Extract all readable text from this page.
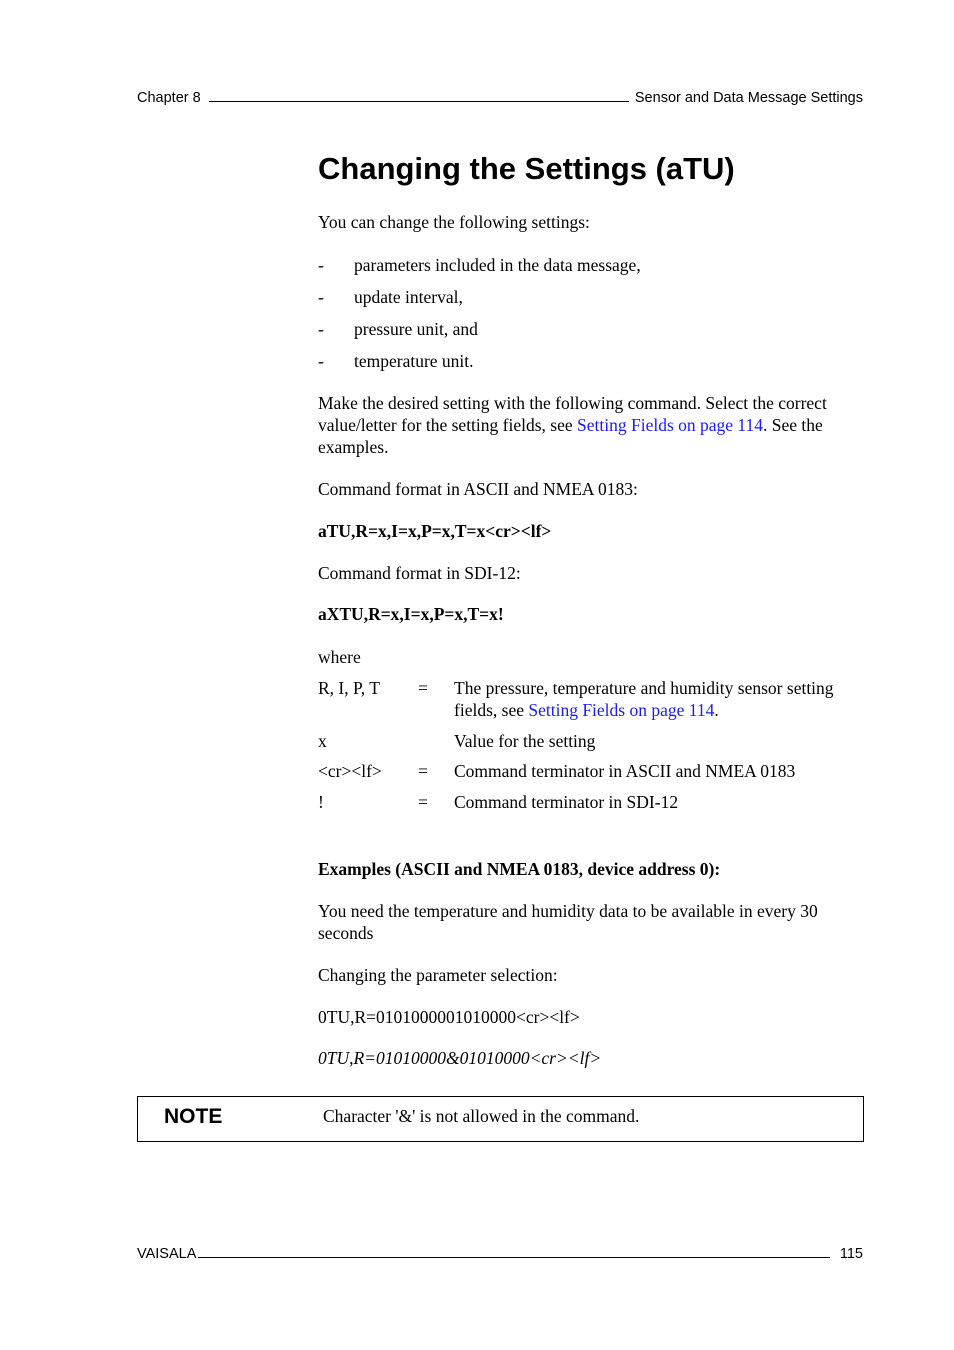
Chapter 8	Sensor and Data Message Settings
Changing the Settings (aTU)

You can change the following settings:

- parameters included in the data message,
- update interval,
- pressure unit, and
- temperature unit.

Make the desired setting with the following command. Select the correct value/letter for the setting fields, see Setting Fields on page 114. See the examples.

Command format in ASCII and NMEA 0183:

aTU,R=x,I=x,P=x,T=x<cr><lf>

Command format in SDI-12:

aXTU,R=x,I=x,P=x,T=x!

where

R, I, P, T = The pressure, temperature and humidity sensor setting fields, see Setting Fields on page 114.
x	Value for the setting
<cr><lf> = Command terminator in ASCII and NMEA 0183
!	= Command terminator in SDI-12

Examples (ASCII and NMEA 0183, device address 0):

You need the temperature and humidity data to be available in every 30 seconds

Changing the parameter selection:

0TU,R=0101000001010000<cr><lf>

0TU,R=01010000&01010000<cr><lf>

NOTE	Character '&' is not allowed in the command.
VAISALA	115
